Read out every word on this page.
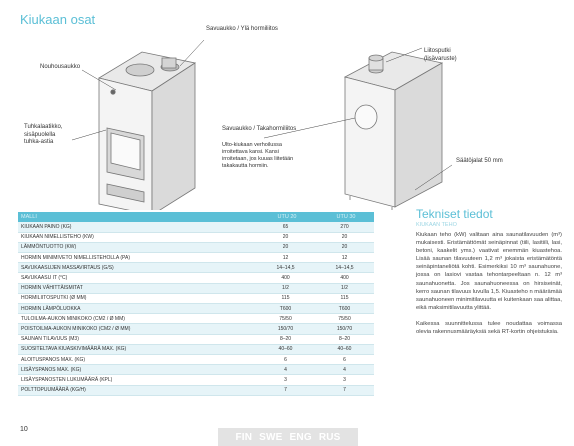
Kiukaan osat
Savuaukko / Ylä hormiliitos
Nouhousaukko
Tuhkalaatikko,
sisäpuolella
tuhka-astia
Liitosputki
(lisävaruste)
Savuaukko / Takahormiliitos
Ulto-kiukaan verhoilussa
irroitettava kansi. Kansi
irroitetaan, jos kuuas liitetään
takakautta hormiin.
Säätöjalat 50 mm
MALLI	UTU 20	UTU 30
KIUKAAN PAINO (KG)	65	270
KIUKAAN NIMELLISTEHO (KW)	20	20
LÄMMÖNTUOTTO (KW)	20	20
HORMIN MINIMIVETO NIMELLISTEHOLLA (PA)	12	12
SAVUKAASUJEN MASSAVIRTAUS (G/S)	14–14,5	14–14,5
SAVUKAASU IT (°C)	400	400
HORMIN VÄHITTÄISMITAT	1/2	1/2
HORMILIITOSPUTKI (Ø MM)	115	115
HORMIN LÄMPÖLUOKKA	T600	T600
TULOILMA-AUKON MINIKOKO (CM2 / Ø MM)	75/50	75/50
POISTOILMA-AUKON MINIKOKO (CM2 / Ø MM)	150/70	150/70
SAUNAN TILAVUUS (M3)	8–20	8–20
SUOSITELTAVA KIUASKIVIMÄÄRÄ MAX. (KG)	40–60	40–60
ALOITUSPANOS MAX. (KG)	6	6
LISÄYSPANOS MAX. (KG)	4	4
LISÄYSPANOSTEN LUKUMÄÄRÄ (KPL)	3	3
POLTTOPUUMÄÄRÄ (KG/H)	7	7
Tekniset tiedot
KIUKAAN TEHO

Kiukaan teho (kW) valitaan aina saunatilavuuden (m³) mukaisesti. Eristämättömät seinäpinnat (tiili, lasitiili, lasi, betoni, kaakelit yms.) vaativat enemmän kiuastehoa. Lisää saunan tilavuuteen 1,2 m³ jokaista eristämätöntä seinäpintaneliötä kohti. Esimerkiksi 10 m³ saunahuone, jossa on lasiovi vastaa tehontarpeeltaan n. 12 m³ saunahuonetta. Jos saunahuoneessa on hirsiseinät, kerro saunan tilavuus luvulla 1,5. Kiuasteho n määrämää saunahuoneen minimitilavuutta ei kuitenkaan saa alittaa, eikä maksimitilavuutta ylittää.

Kaikessa suunnittelussa tulee noudattaa voimassa olevia rakennusmääräyksiä sekä RT-kortin ohjeistuksia.

10
FIN SWE ENG RUS
